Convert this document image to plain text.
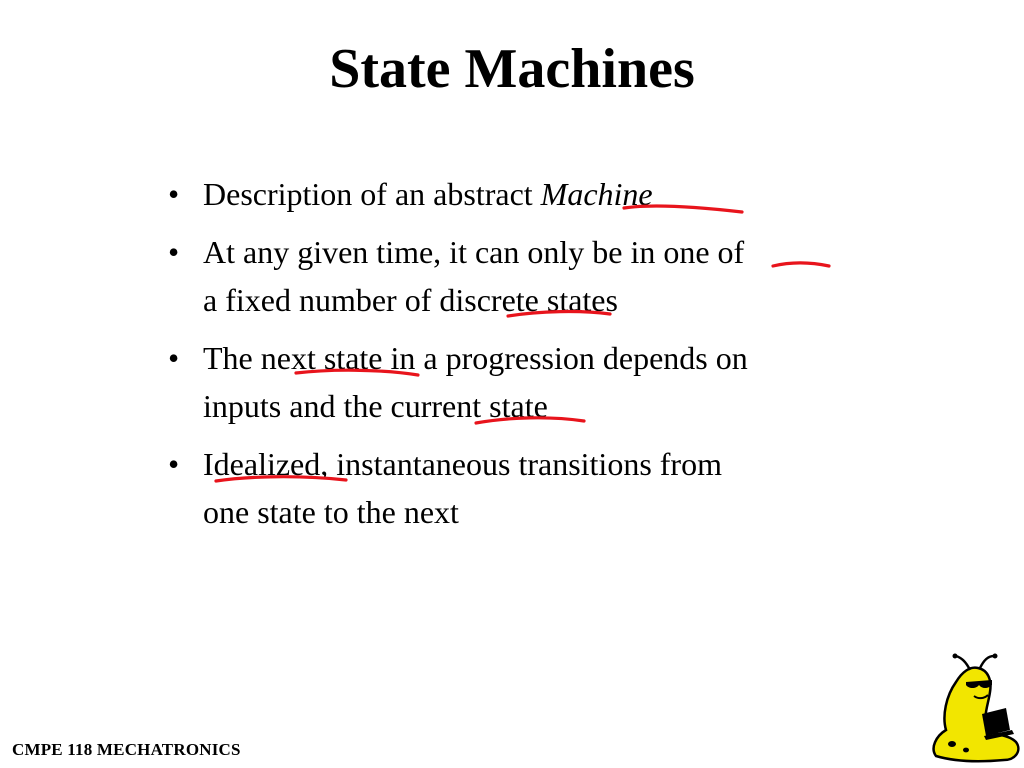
State Machines
• Description of an abstract Machine
• At any given time, it can only be in one of
a fixed number of discrete states
• The next state in a progression depends on
inputs and the current state
• Idealized, instantaneous transitions from
one state to the next
CMPE 118 MECHATRONICS
